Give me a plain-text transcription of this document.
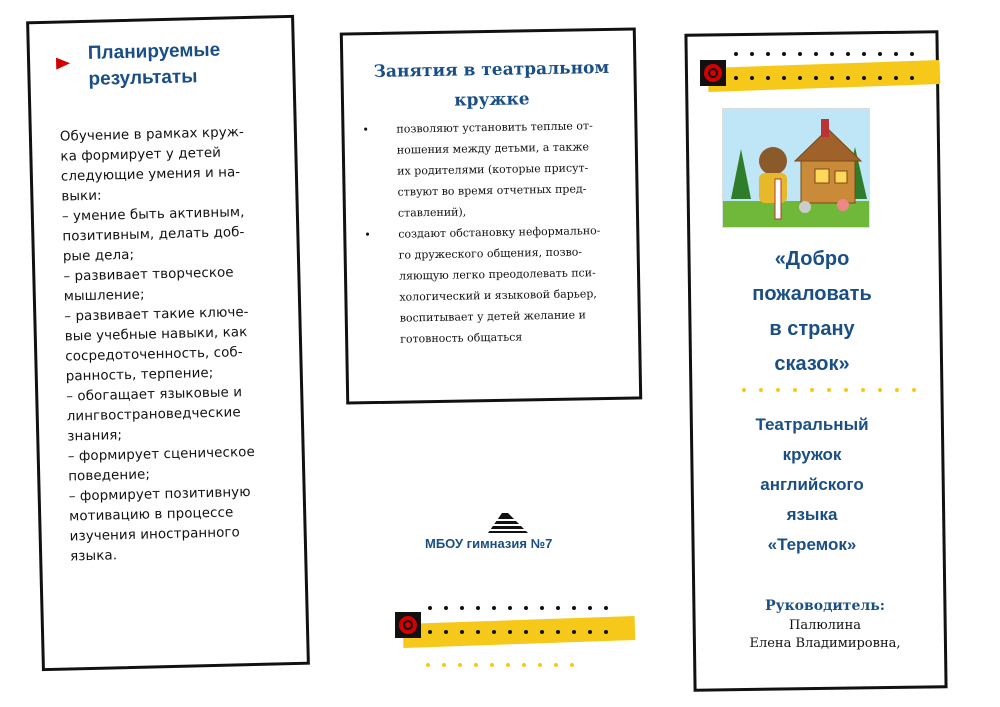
Планируемые результаты
Обучение в рамках круж-
ка формирует у детей
следующие умения и на-
выки:
– умение быть активным,
позитивным, делать доб-
рые дела;
– развивает творческое
мышление;
– развивает такие ключе-
вые учебные навыки, как
сосредоточенность, соб-
ранность, терпение;
– обогащает языковые и
лингвострановедческие
знания;
– формирует сценическое
поведение;
– формирует позитивную
мотивацию в процессе
изучения иностранного
языка.
Занятия в театральном
кружке
• позволяют установить теплые от-
ношения между детьми, а также
их родителями (которые присут-
ствуют во время отчетных пред-
ставлений),
• создают обстановку неформально-
го дружеского общения, позво-
ляющую легко преодолевать пси-
хологический и языковой барьер,
воспитывает у детей желание и
готовность общаться
МБОУ гимназия №7
«Добро
пожаловать
в страну
сказок»
Театральный
кружок
английского
языка
«Теремок»
Руководитель:
Палюлина
Елена Владимировна,
